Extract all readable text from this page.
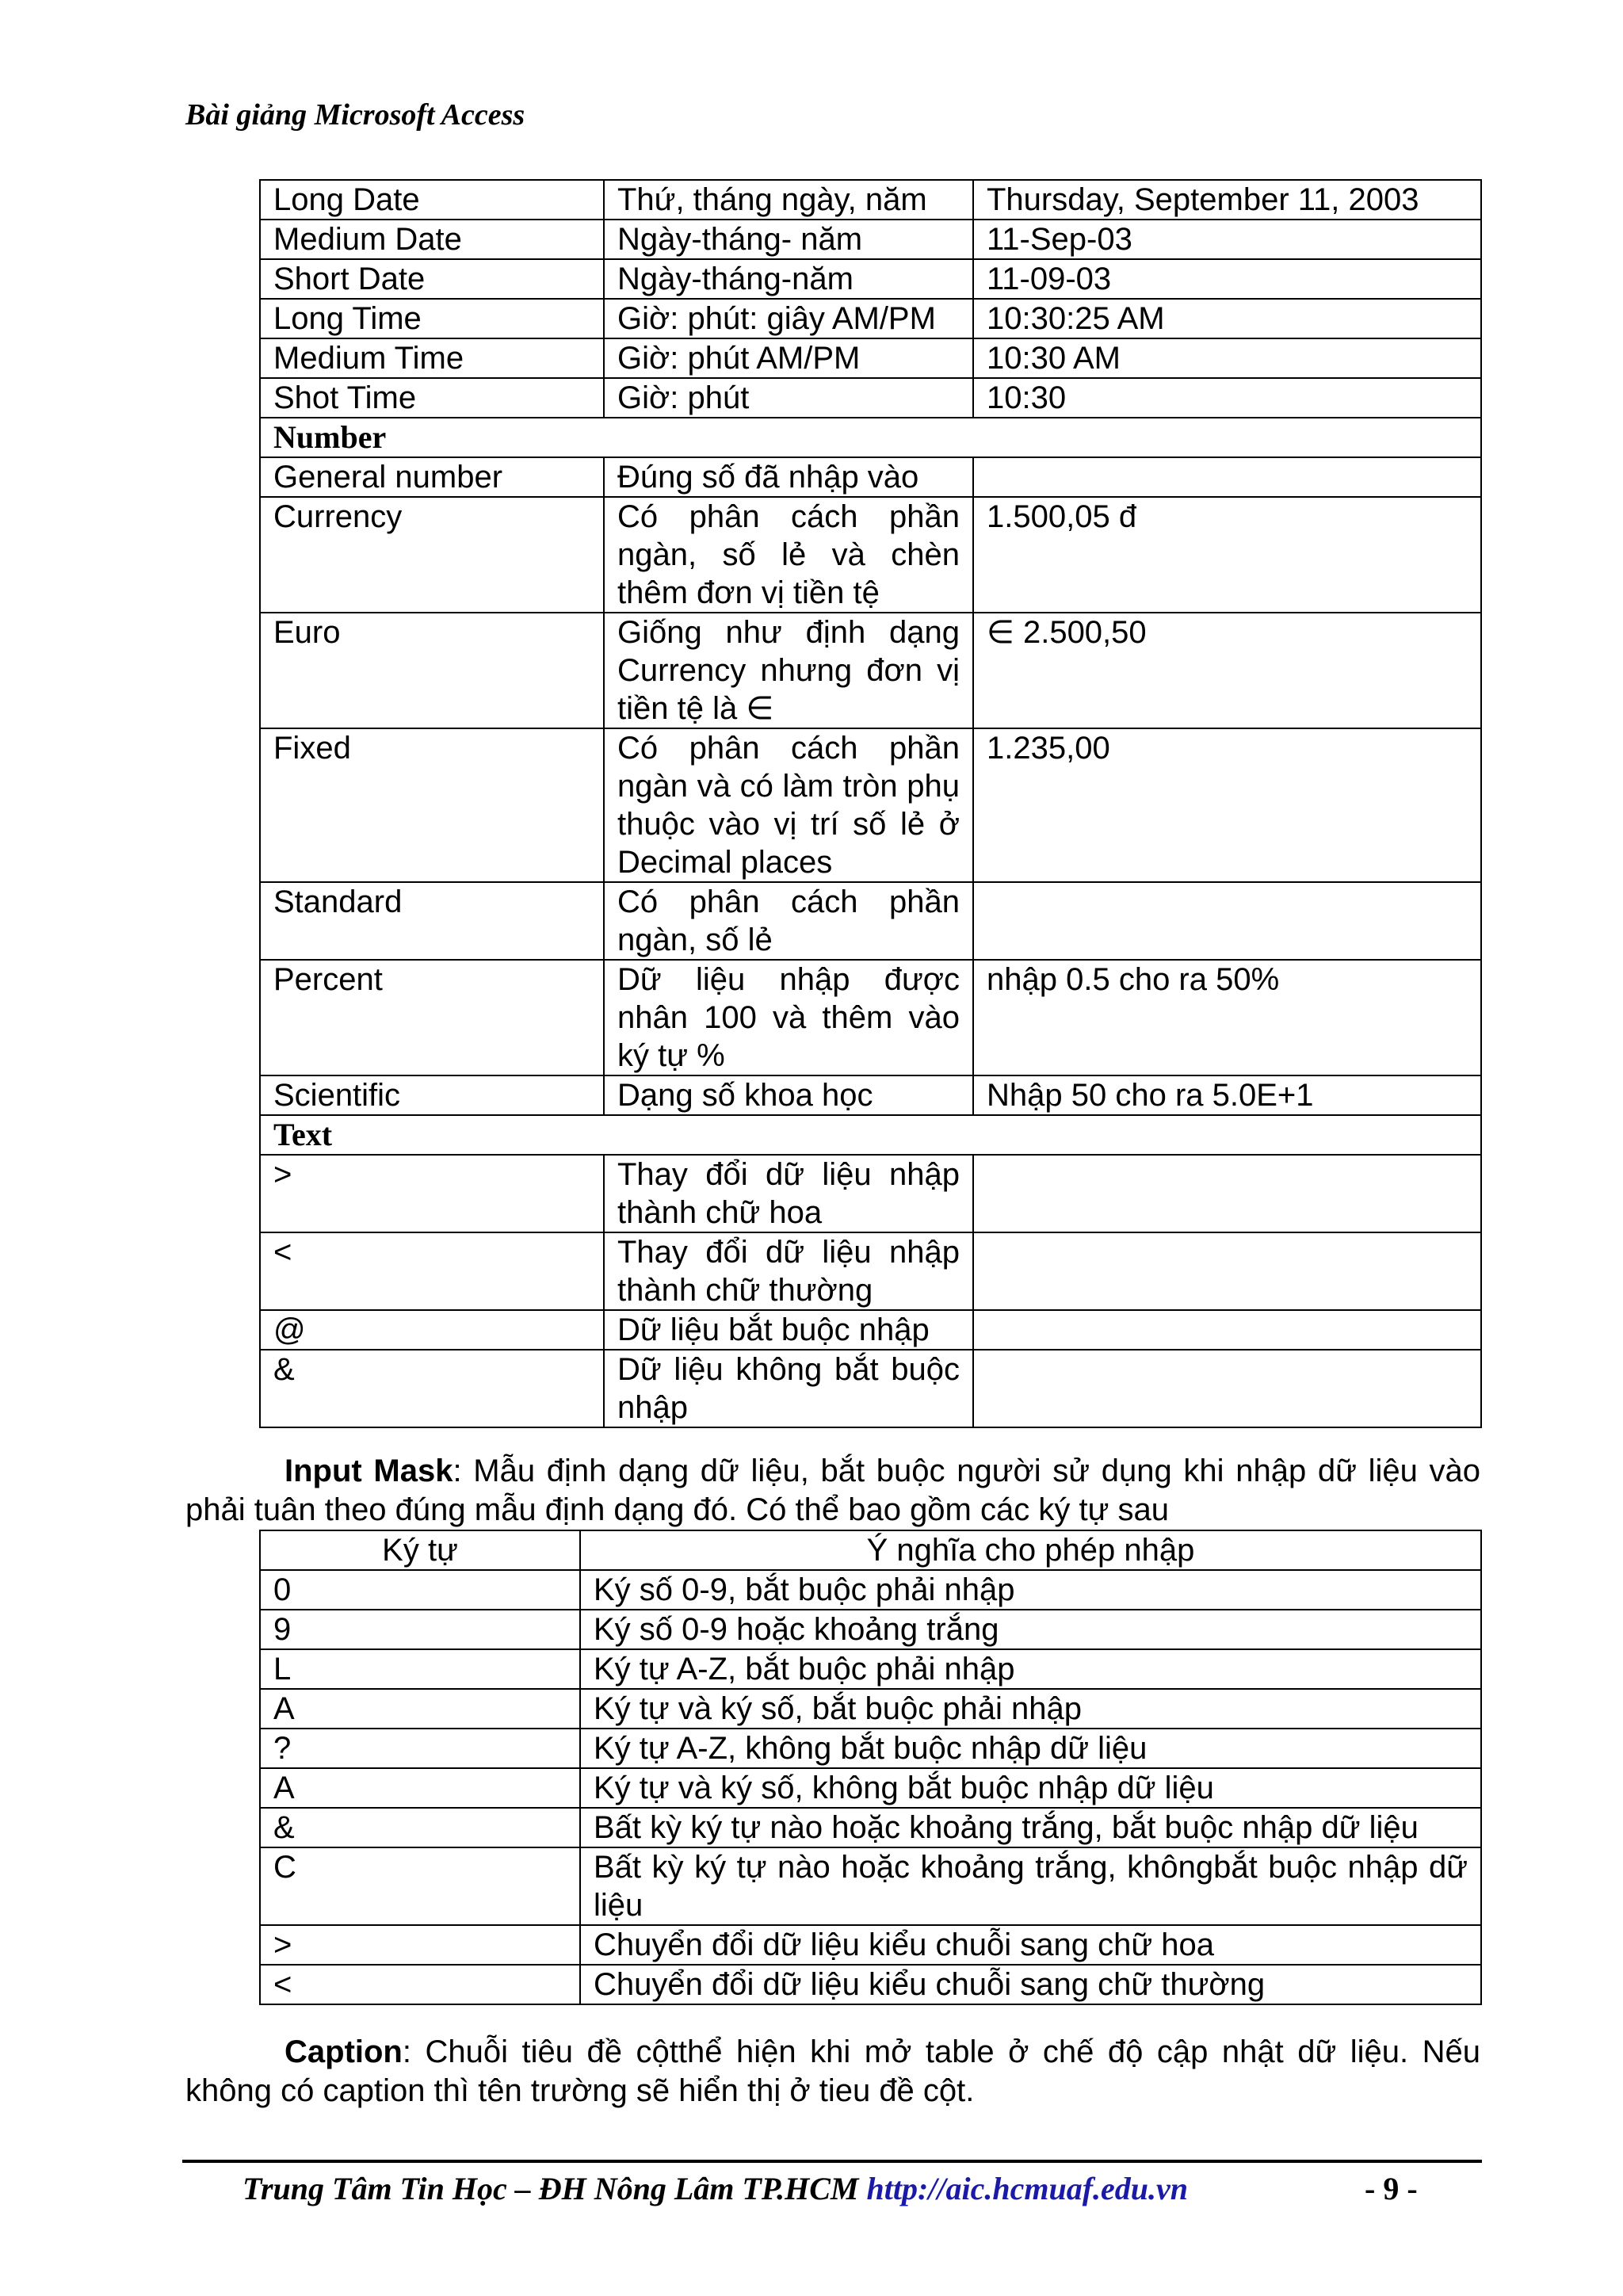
Bài giảng Microsoft Access
Long Date	Thứ, tháng ngày, năm	Thursday, September 11, 2003
Medium Date	Ngày-tháng- năm	11-Sep-03
Short Date	Ngày-tháng-năm	11-09-03
Long Time	Giờ: phút: giây AM/PM	10:30:25 AM
Medium Time	Giờ: phút AM/PM	10:30 AM
Shot Time	Giờ: phút	10:30
Number		
General number	Đúng số đã nhập vào	
Currency	Có phân cách phần ngàn, số lẻ và chèn thêm đơn vị tiền tệ	1.500,05 đ
Euro	Giống như định dạng Currency nhưng đơn vị tiền tệ là ∈	∈ 2.500,50
Fixed	Có phân cách phần ngàn và có làm tròn phụ thuộc vào vị trí số lẻ ở Decimal places	1.235,00
Standard	Có phân cách phần ngàn, số lẻ	
Percent	Dữ liệu nhập được nhân 100 và thêm vào ký tự %	nhập 0.5 cho ra 50%
Scientific	Dạng số khoa học	Nhập 50 cho ra 5.0E+1
Text		
>	Thay đổi dữ liệu nhập thành chữ hoa	
<	Thay đổi dữ liệu nhập thành chữ thường	
@	Dữ liệu bắt buộc nhập	
&	Dữ liệu không bắt buộc nhập	

Input Mask: Mẫu định dạng dữ liệu, bắt buộc người sử dụng khi nhập dữ liệu vào phải tuân theo đúng mẫu định dạng đó. Có thể bao gồm các ký tự sau

Ký tự	Ý nghĩa cho phép nhập
0	Ký số 0-9, bắt buộc phải nhập
9	Ký số 0-9 hoặc khoảng trắng
L	Ký tự A-Z, bắt buộc phải nhập
A	Ký tự và ký số, bắt buộc phải nhập
?	Ký tự A-Z, không bắt buộc nhập dữ liệu
A	Ký tự và ký số, không bắt buộc nhập dữ liệu
&	Bất kỳ ký tự nào hoặc khoảng trắng, bắt buộc nhập dữ liệu
C	Bất kỳ ký tự nào hoặc khoảng trắng, khôngbắt buộc nhập dữ liệu
>	Chuyển đổi dữ liệu kiểu chuỗi sang chữ hoa
<	Chuyển đổi dữ liệu kiểu chuỗi sang chữ thường

Caption: Chuỗi tiêu đề cộtthể hiện khi mở table ở chế độ cập nhật dữ liệu. Nếu không có caption thì tên trường sẽ hiển thị ở tieu đề cột.

Trung Tâm Tin Học – ĐH Nông Lâm TP.HCM http://aic.hcmuaf.edu.vn	- 9 -
